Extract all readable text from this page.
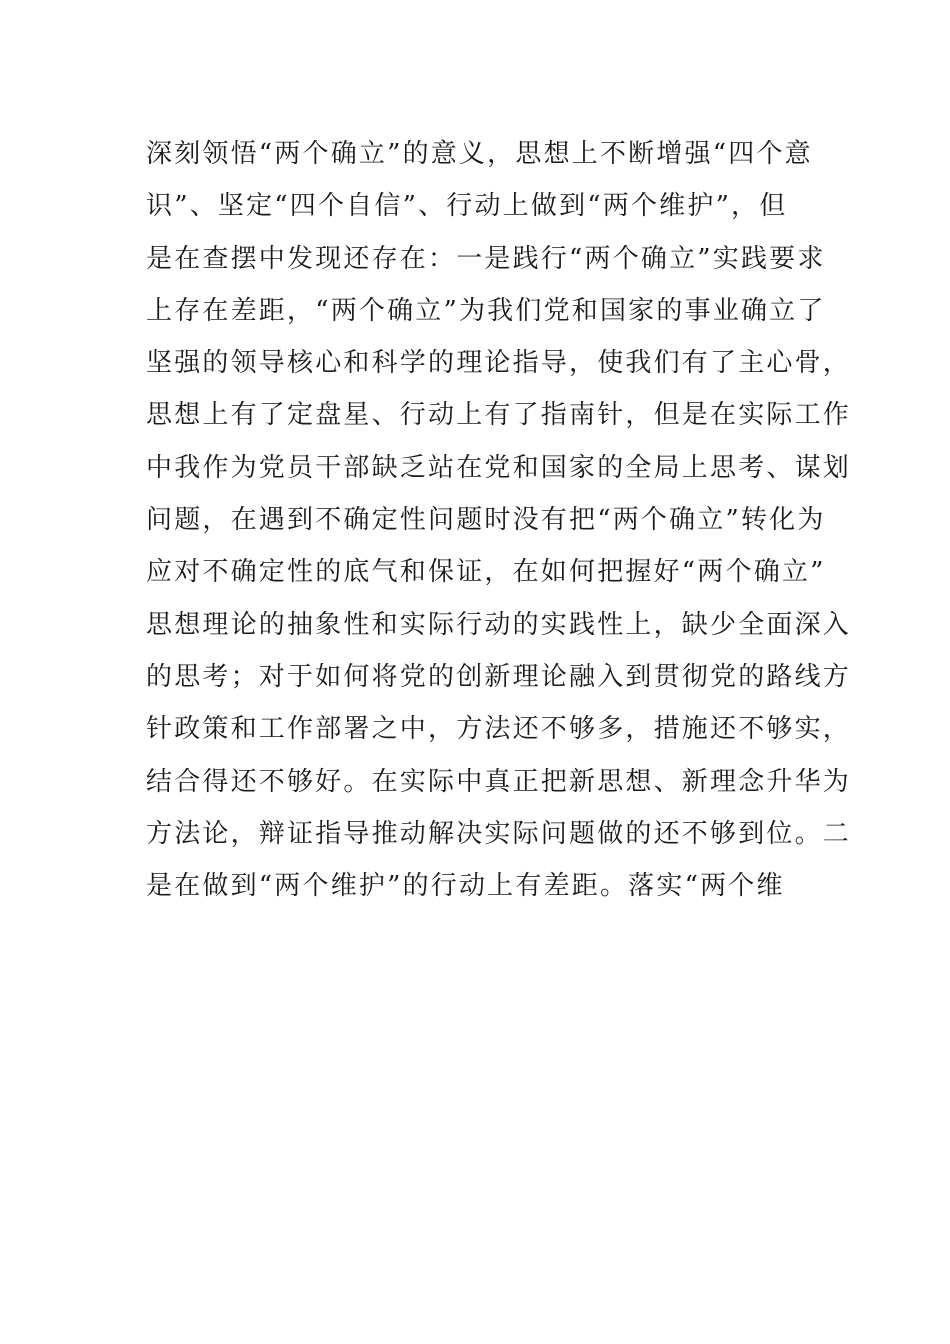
深刻领悟“两个确立”的意义，思想上不断增强“四个意
识”、坚定“四个自信”、行动上做到“两个维护”，但
是在查摆中发现还存在：一是践行“两个确立”实践要求
上存在差距，“两个确立”为我们党和国家的事业确立了
坚强的领导核心和科学的理论指导，使我们有了主心骨，
思想上有了定盘星、行动上有了指南针，但是在实际工作
中我作为党员干部缺乏站在党和国家的全局上思考、谋划
问题，在遇到不确定性问题时没有把“两个确立”转化为
应对不确定性的底气和保证，在如何把握好“两个确立”
思想理论的抽象性和实际行动的实践性上，缺少全面深入
的思考；对于如何将党的创新理论融入到贯彻党的路线方
针政策和工作部署之中，方法还不够多，措施还不够实，
结合得还不够好。在实际中真正把新思想、新理念升华为
方法论，辩证指导推动解决实际问题做的还不够到位。二
是在做到“两个维护”的行动上有差距。落实“两个维
